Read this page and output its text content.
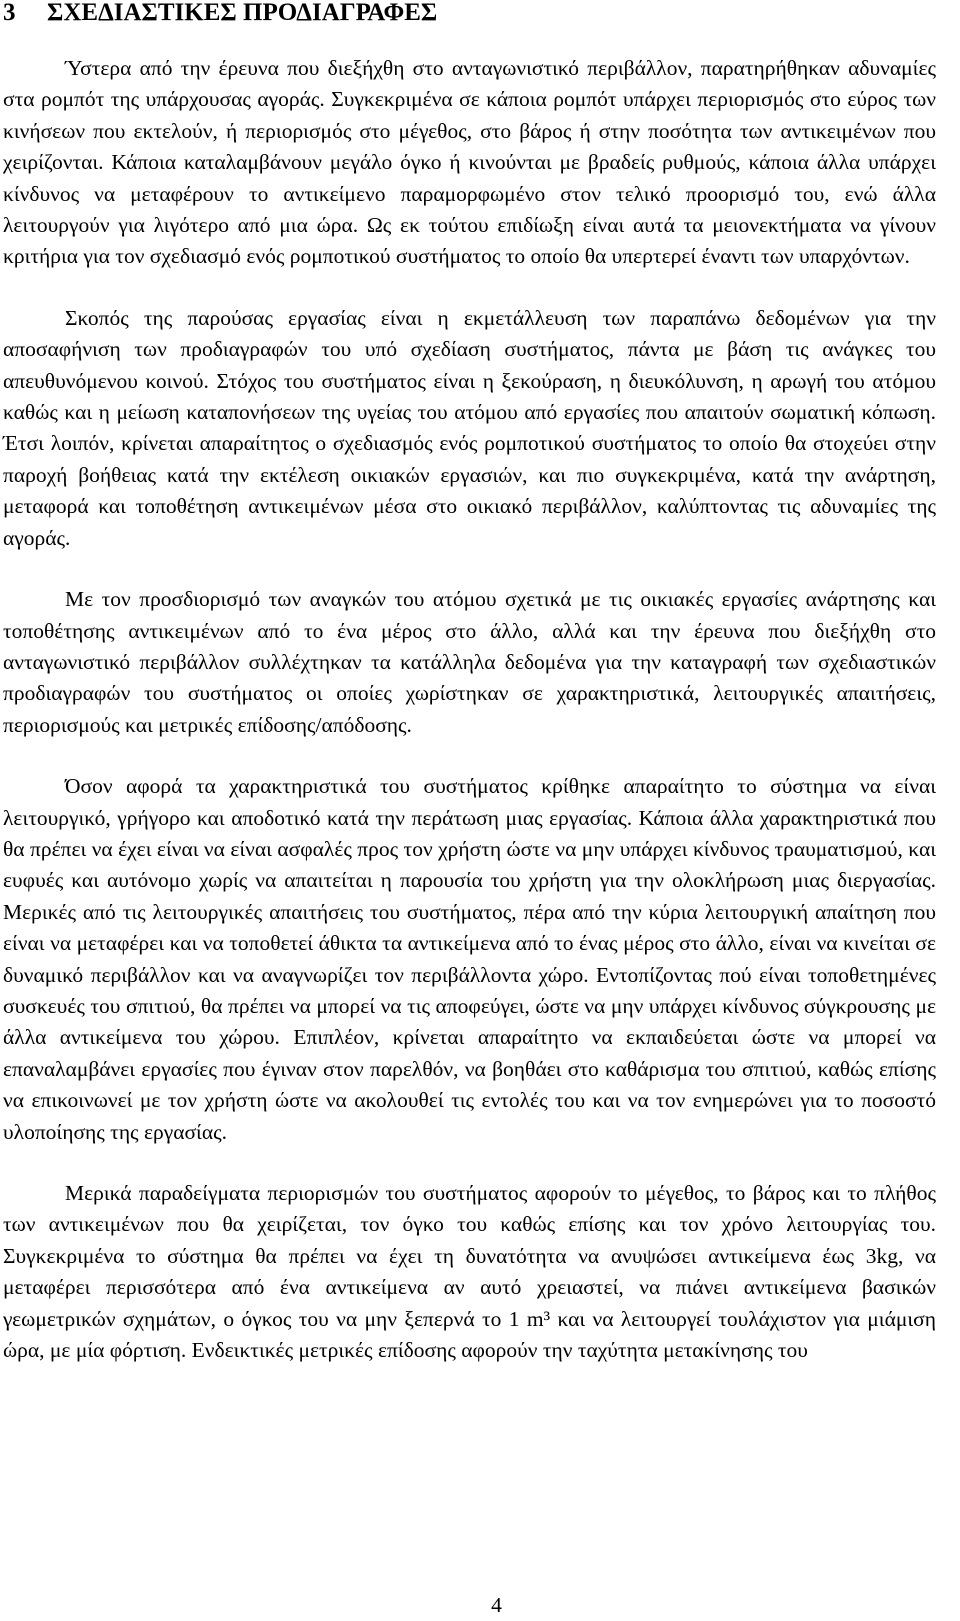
3 ΣΧΕΔΙΑΣΤΙΚΕΣ ΠΡΟΔΙΑΓΡΑΦΕΣ

Ύστερα από την έρευνα που διεξήχθη στο ανταγωνιστικό περιβάλλον, παρατηρήθηκαν αδυναμίες στα ρομπότ της υπάρχουσας αγοράς. Συγκεκριμένα σε κάποια ρομπότ υπάρχει περιορισμός στο εύρος των κινήσεων που εκτελούν, ή περιορισμός στο μέγεθος, στο βάρος ή στην ποσότητα των αντικειμένων που χειρίζονται. Κάποια καταλαμβάνουν μεγάλο όγκο ή κινούνται με βραδείς ρυθμούς, κάποια άλλα υπάρχει κίνδυνος να μεταφέρουν το αντικείμενο παραμορφωμένο στον τελικό προορισμό του, ενώ άλλα λειτουργούν για λιγότερο από μια ώρα. Ως εκ τούτου επιδίωξη είναι αυτά τα μειονεκτήματα να γίνουν κριτήρια για τον σχεδιασμό ενός ρομποτικού συστήματος το οποίο θα υπερτερεί έναντι των υπαρχόντων.

Σκοπός της παρούσας εργασίας είναι η εκμετάλλευση των παραπάνω δεδομένων για την αποσαφήνιση των προδιαγραφών του υπό σχεδίαση συστήματος, πάντα με βάση τις ανάγκες του απευθυνόμενου κοινού. Στόχος του συστήματος είναι η ξεκούραση, η διευκόλυνση, η αρωγή του ατόμου καθώς και η μείωση καταπονήσεων της υγείας του ατόμου από εργασίες που απαιτούν σωματική κόπωση. Έτσι λοιπόν, κρίνεται απαραίτητος ο σχεδιασμός ενός ρομποτικού συστήματος το οποίο θα στοχεύει στην παροχή βοήθειας κατά την εκτέλεση οικιακών εργασιών, και πιο συγκεκριμένα, κατά την ανάρτηση, μεταφορά και τοποθέτηση αντικειμένων μέσα στο οικιακό περιβάλλον, καλύπτοντας τις αδυναμίες της αγοράς.

Με τον προσδιορισμό των αναγκών του ατόμου σχετικά με τις οικιακές εργασίες ανάρτησης και τοποθέτησης αντικειμένων από το ένα μέρος στο άλλο, αλλά και την έρευνα που διεξήχθη στο ανταγωνιστικό περιβάλλον συλλέχτηκαν τα κατάλληλα δεδομένα για την καταγραφή των σχεδιαστικών προδιαγραφών του συστήματος οι οποίες χωρίστηκαν σε χαρακτηριστικά, λειτουργικές απαιτήσεις, περιορισμούς και μετρικές επίδοσης/απόδοσης.

Όσον αφορά τα χαρακτηριστικά του συστήματος κρίθηκε απαραίτητο το σύστημα να είναι λειτουργικό, γρήγορο και αποδοτικό κατά την περάτωση μιας εργασίας. Κάποια άλλα χαρακτηριστικά που θα πρέπει να έχει είναι να είναι ασφαλές προς τον χρήστη ώστε να μην υπάρχει κίνδυνος τραυματισμού, και ευφυές και αυτόνομο χωρίς να απαιτείται η παρουσία του χρήστη για την ολοκλήρωση μιας διεργασίας. Μερικές από τις λειτουργικές απαιτήσεις του συστήματος, πέρα από την κύρια λειτουργική απαίτηση που είναι να μεταφέρει και να τοποθετεί άθικτα τα αντικείμενα από το ένας μέρος στο άλλο, είναι να κινείται σε δυναμικό περιβάλλον και να αναγνωρίζει τον περιβάλλοντα χώρο. Εντοπίζοντας πού είναι τοποθετημένες συσκευές του σπιτιού, θα πρέπει να μπορεί να τις αποφεύγει, ώστε να μην υπάρχει κίνδυνος σύγκρουσης με άλλα αντικείμενα του χώρου. Επιπλέον, κρίνεται απαραίτητο να εκπαιδεύεται ώστε να μπορεί να επαναλαμβάνει εργασίες που έγιναν στον παρελθόν, να βοηθάει στο καθάρισμα του σπιτιού, καθώς επίσης να επικοινωνεί με τον χρήστη ώστε να ακολουθεί τις εντολές του και να τον ενημερώνει για το ποσοστό υλοποίησης της εργασίας.

Μερικά παραδείγματα περιορισμών του συστήματος αφορούν το μέγεθος, το βάρος και το πλήθος των αντικειμένων που θα χειρίζεται, τον όγκο του καθώς επίσης και τον χρόνο λειτουργίας του. Συγκεκριμένα το σύστημα θα πρέπει να έχει τη δυνατότητα να ανυψώσει αντικείμενα έως 3kg, να μεταφέρει περισσότερα από ένα αντικείμενα αν αυτό χρειαστεί, να πιάνει αντικείμενα βασικών γεωμετρικών σχημάτων, ο όγκος του να μην ξεπερνά το 1 m³ και να λειτουργεί τουλάχιστον για μιάμιση ώρα, με μία φόρτιση. Ενδεικτικές μετρικές επίδοσης αφορούν την ταχύτητα μετακίνησης του

4
